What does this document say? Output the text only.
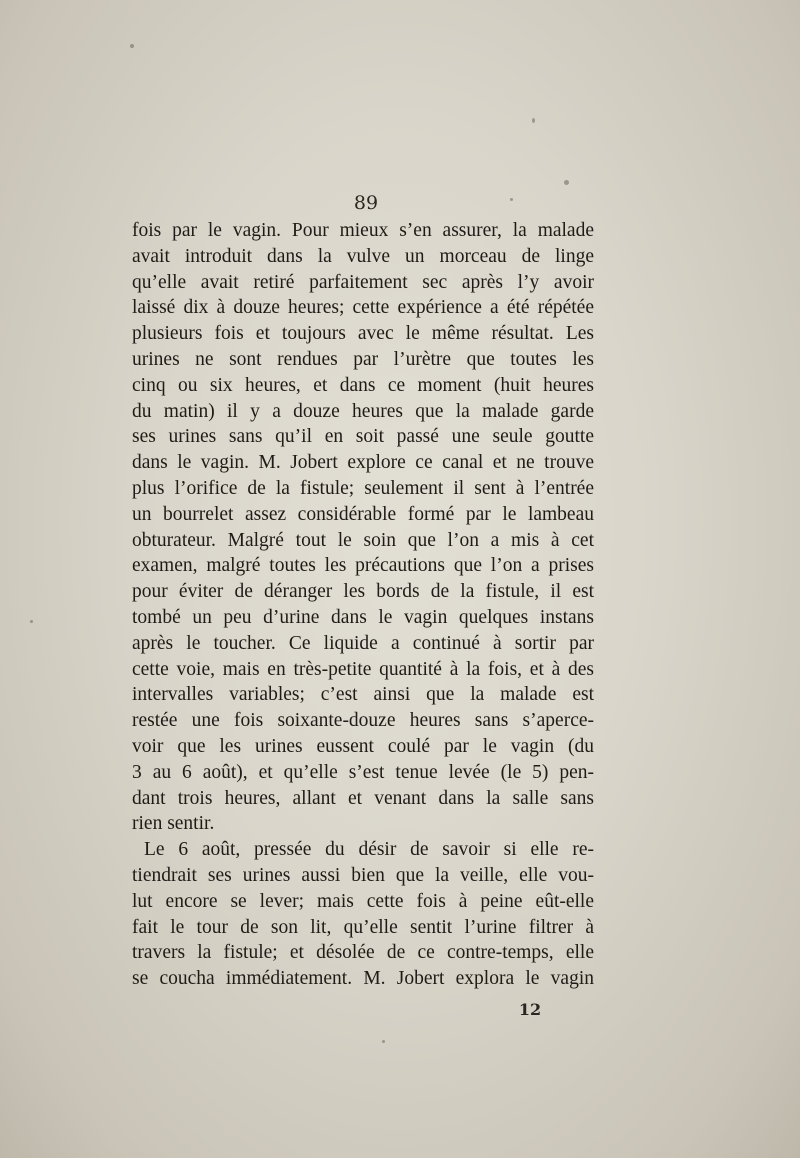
89
fois par le vagin. Pour mieux s’en assurer, la malade
avait introduit dans la vulve un morceau de linge
qu’elle avait retiré parfaitement sec après l’y avoir
laissé dix à douze heures; cette expérience a été répétée
plusieurs fois et toujours avec le même résultat. Les
urines ne sont rendues par l’urètre que toutes les
cinq ou six heures, et dans ce moment (huit heures
du matin) il y a douze heures que la malade garde
ses urines sans qu’il en soit passé une seule goutte
dans le vagin. M. Jobert explore ce canal et ne trouve
plus l’orifice de la fistule; seulement il sent à l’entrée
un bourrelet assez considérable formé par le lambeau
obturateur. Malgré tout le soin que l’on a mis à cet
examen, malgré toutes les précautions que l’on a prises
pour éviter de déranger les bords de la fistule, il est
tombé un peu d’urine dans le vagin quelques instans
après le toucher. Ce liquide a continué à sortir par
cette voie, mais en très-petite quantité à la fois, et à des
intervalles variables; c’est ainsi que la malade est
restée une fois soixante-douze heures sans s’aperce-
voir que les urines eussent coulé par le vagin (du
3 au 6 août), et qu’elle s’est tenue levée (le 5) pen-
dant trois heures, allant et venant dans la salle sans
rien sentir.
Le 6 août, pressée du désir de savoir si elle re-
tiendrait ses urines aussi bien que la veille, elle vou-
lut encore se lever; mais cette fois à peine eût-elle
fait le tour de son lit, qu’elle sentit l’urine filtrer à
travers la fistule; et désolée de ce contre-temps, elle
se coucha immédiatement. M. Jobert explora le vagin
12
